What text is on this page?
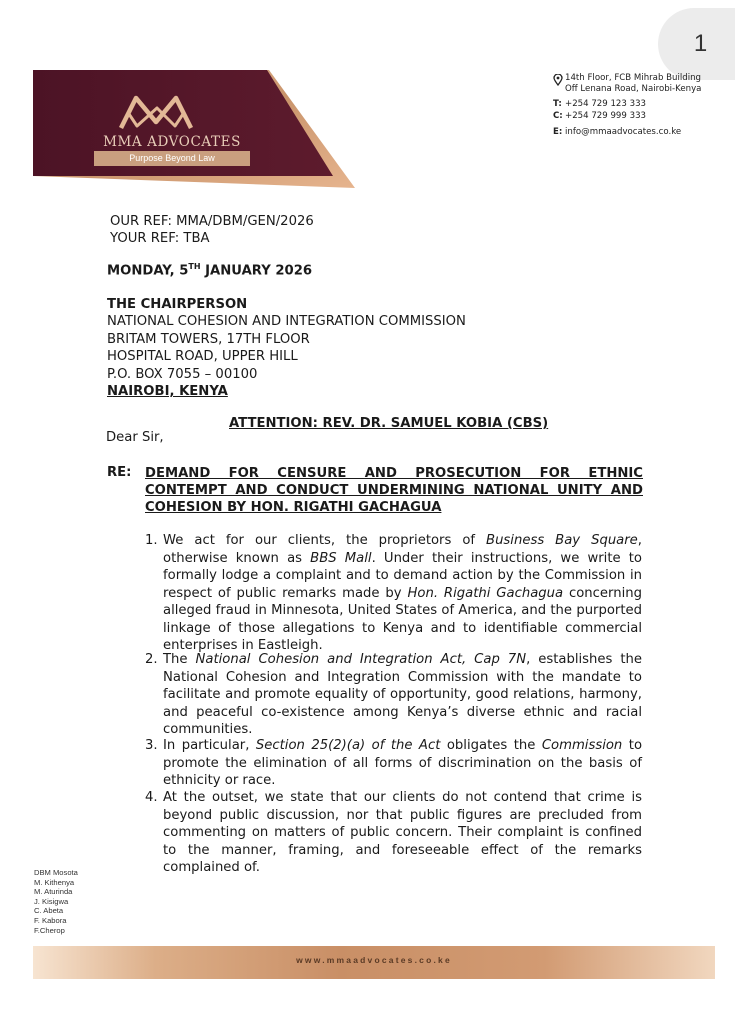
1
MMA ADVOCATES
Purpose Beyond Law
14th Floor, FCB Mihrab Building
Off Lenana Road, Nairobi-Kenya
T: +254 729 123 333
C: +254 729 999 333
E: info@mmaadvocates.co.ke
OUR REF: MMA/DBM/GEN/2026
YOUR REF: TBA
MONDAY, 5TH JANUARY 2026
THE CHAIRPERSON
NATIONAL COHESION AND INTEGRATION COMMISSION
BRITAM TOWERS, 17TH FLOOR
HOSPITAL ROAD, UPPER HILL
P.O. BOX 7055 – 00100
NAIROBI, KENYA
ATTENTION: REV. DR. SAMUEL KOBIA (CBS)
Dear Sir,
RE: DEMAND FOR CENSURE AND PROSECUTION FOR ETHNIC CONTEMPT AND CONDUCT UNDERMINING NATIONAL UNITY AND COHESION BY HON. RIGATHI GACHAGUA
1. We act for our clients, the proprietors of Business Bay Square, otherwise known as BBS Mall. Under their instructions, we write to formally lodge a complaint and to demand action by the Commission in respect of public remarks made by Hon. Rigathi Gachagua concerning alleged fraud in Minnesota, United States of America, and the purported linkage of those allegations to Kenya and to identifiable commercial enterprises in Eastleigh.
2. The National Cohesion and Integration Act, Cap 7N, establishes the National Cohesion and Integration Commission with the mandate to facilitate and promote equality of opportunity, good relations, harmony, and peaceful co-existence among Kenya’s diverse ethnic and racial communities.
3. In particular, Section 25(2)(a) of the Act obligates the Commission to promote the elimination of all forms of discrimination on the basis of ethnicity or race.
4. At the outset, we state that our clients do not contend that crime is beyond public discussion, nor that public figures are precluded from commenting on matters of public concern. Their complaint is confined to the manner, framing, and foreseeable effect of the remarks complained of.
DBM Mosota
M. Kithenya
M. Aturinda
J. Kisigwa
C. Abeta
F. Kabora
F.Cherop
www.mmaadvocates.co.ke
